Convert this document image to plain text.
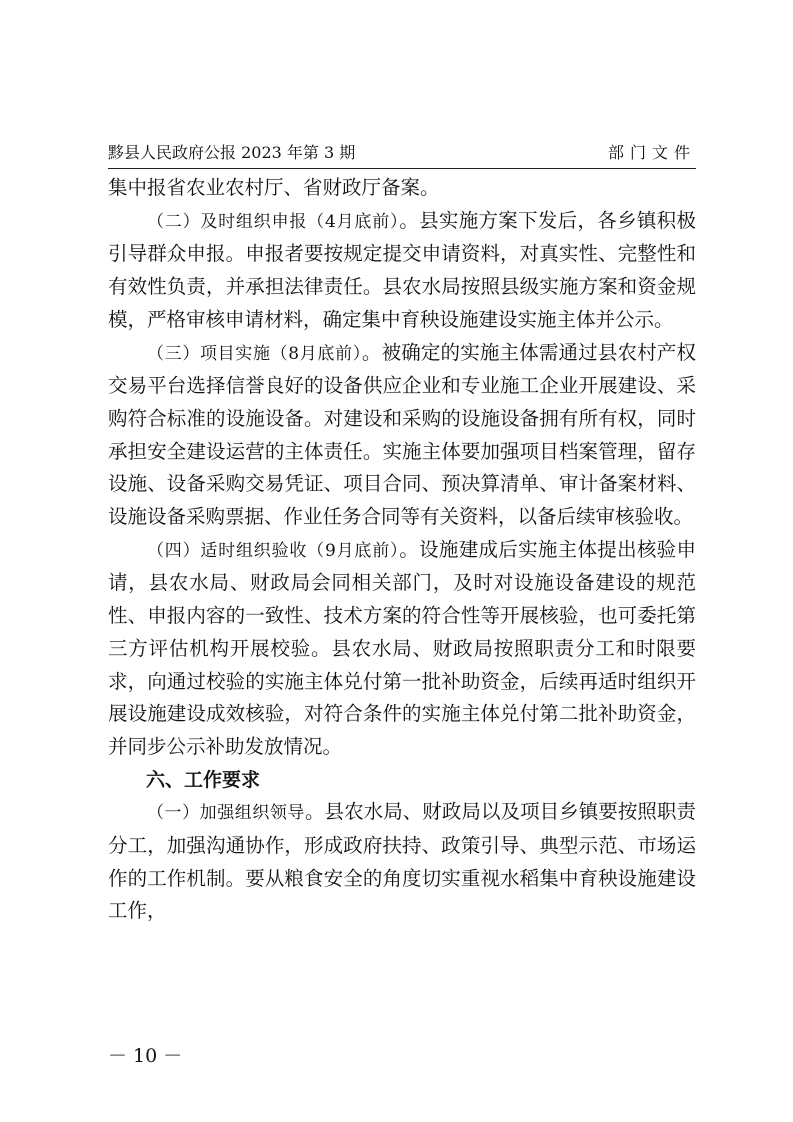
黟县人民政府公报 2023 年第 3 期	部门文件

集中报省农业农村厅、省财政厅备案。

（二）及时组织申报（4月底前）。县实施方案下发后，各乡镇积极引导群众申报。申报者要按规定提交申请资料，对真实性、完整性和有效性负责，并承担法律责任。县农水局按照县级实施方案和资金规模，严格审核申请材料，确定集中育秧设施建设实施主体并公示。

（三）项目实施（8月底前）。被确定的实施主体需通过县农村产权交易平台选择信誉良好的设备供应企业和专业施工企业开展建设、采购符合标准的设施设备。对建设和采购的设施设备拥有所有权，同时承担安全建设运营的主体责任。实施主体要加强项目档案管理，留存设施、设备采购交易凭证、项目合同、预决算清单、审计备案材料、设施设备采购票据、作业任务合同等有关资料，以备后续审核验收。

（四）适时组织验收（9月底前）。设施建成后实施主体提出核验申请，县农水局、财政局会同相关部门，及时对设施设备建设的规范性、申报内容的一致性、技术方案的符合性等开展核验，也可委托第三方评估机构开展校验。县农水局、财政局按照职责分工和时限要求，向通过校验的实施主体兑付第一批补助资金，后续再适时组织开展设施建设成效核验，对符合条件的实施主体兑付第二批补助资金，并同步公示补助发放情况。

六、工作要求

（一）加强组织领导。县农水局、财政局以及项目乡镇要按照职责分工，加强沟通协作，形成政府扶持、政策引导、典型示范、市场运作的工作机制。要从粮食安全的角度切实重视水稻集中育秧设施建设工作，

－ 10 －
